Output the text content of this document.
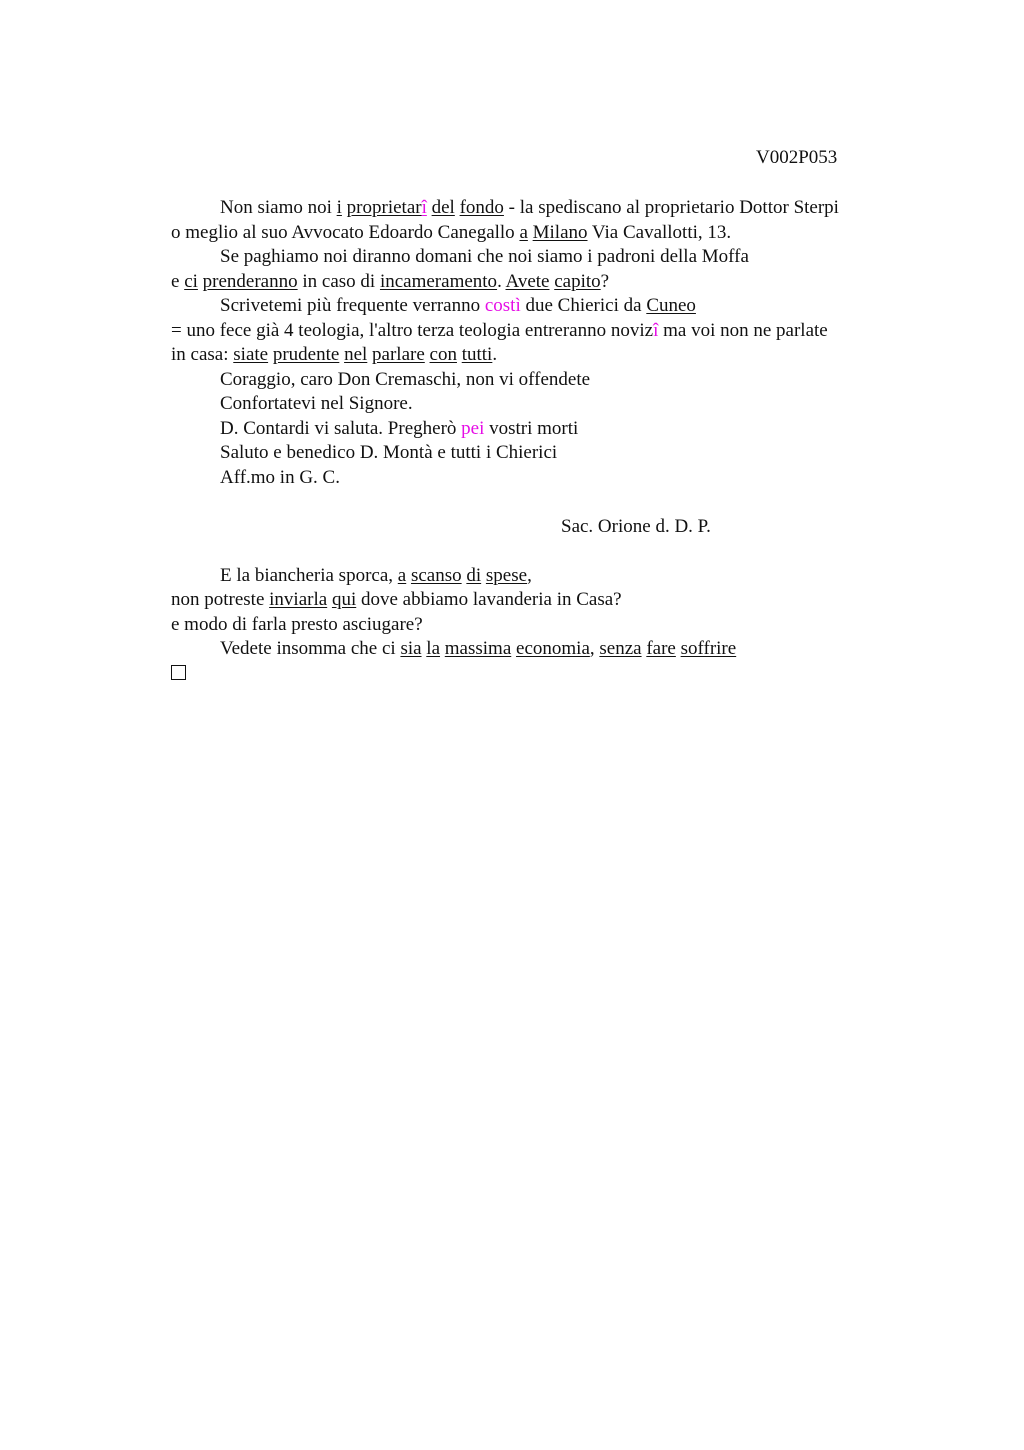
V002P053
Non siamo noi i proprietarî del fondo - la spediscano al proprietario Dottor Sterpi
o meglio al suo Avvocato Edoardo Canegallo a Milano Via Cavallotti, 13.
Se paghiamo noi diranno domani che noi siamo i padroni della Moffa
e ci prenderanno in caso di incameramento. Avete capito?
Scrivetemi più frequente verranno costì due Chierici da Cuneo
= uno fece già 4 teologia, l'altro terza teologia entreranno novizî ma voi non ne parlate
in casa: siate prudente nel parlare con tutti.
Coraggio, caro Don Cremaschi, non vi offendete
Confortatevi nel Signore.
D. Contardi vi saluta. Pregherò pei vostri morti
Saluto e benedico D. Montà e tutti i Chierici
Aff.mo in G. C.
Sac. Orione d. D. P.
E la biancheria sporca, a scanso di spese,
non potreste inviarla qui dove abbiamo lavanderia in Casa?
e modo di farla presto asciugare?
Vedete insomma che ci sia la massima economia, senza fare soffrire
